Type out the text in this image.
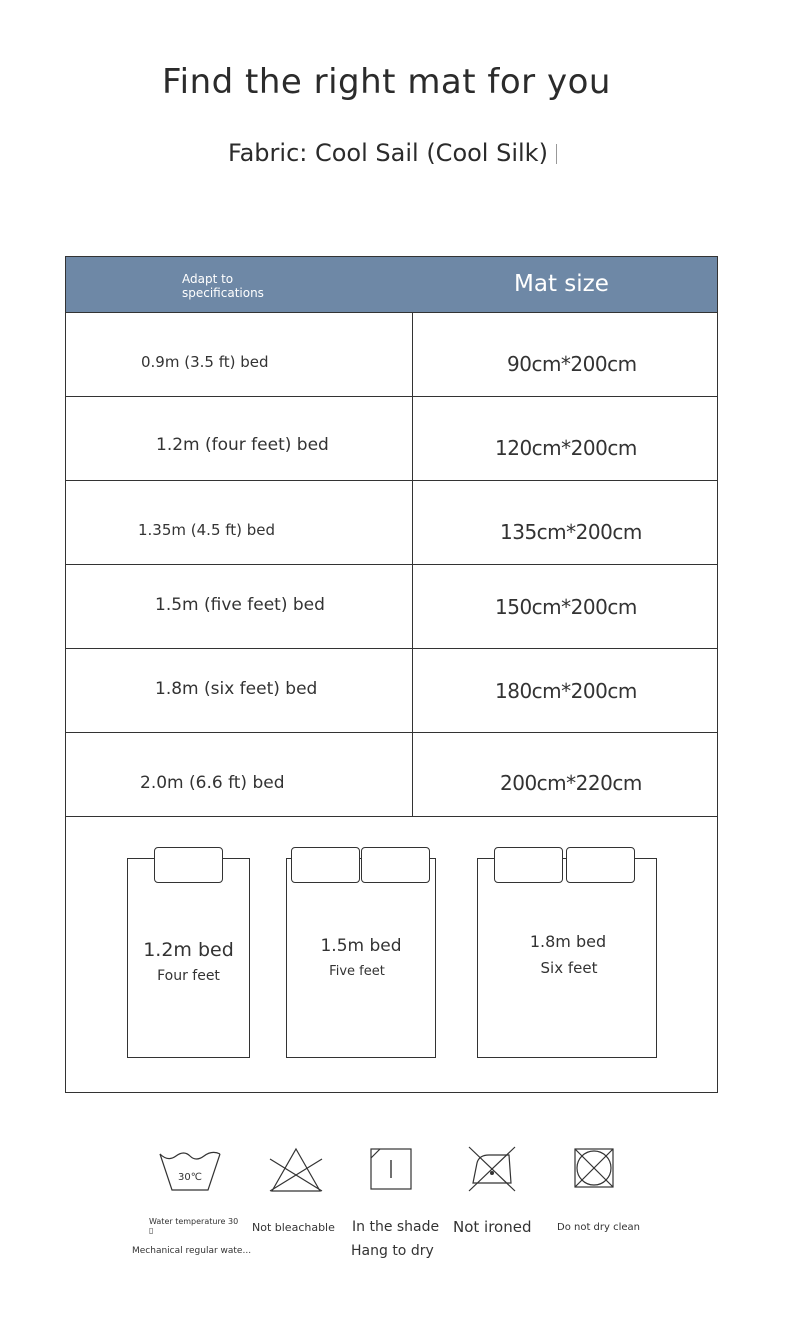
Find the right mat for you
Fabric: Cool Sail (Cool Silk)
Adapt to specifications	Mat size
0.9m (3.5 ft) bed	90cm*200cm
1.2m (four feet) bed	120cm*200cm
1.35m (4.5 ft) bed	135cm*200cm
1.5m (five feet) bed	150cm*200cm
1.8m (six feet) bed	180cm*200cm
2.0m (6.6 ft) bed	200cm*220cm
1.2m bed
Four feet
1.5m bed
Five feet
1.8m bed
Six feet
30℃
Water temperature 30
▯
Mechanical regular wate...
Not bleachable In the shade
Hang to dry
Not ironed	Do not dry clean
